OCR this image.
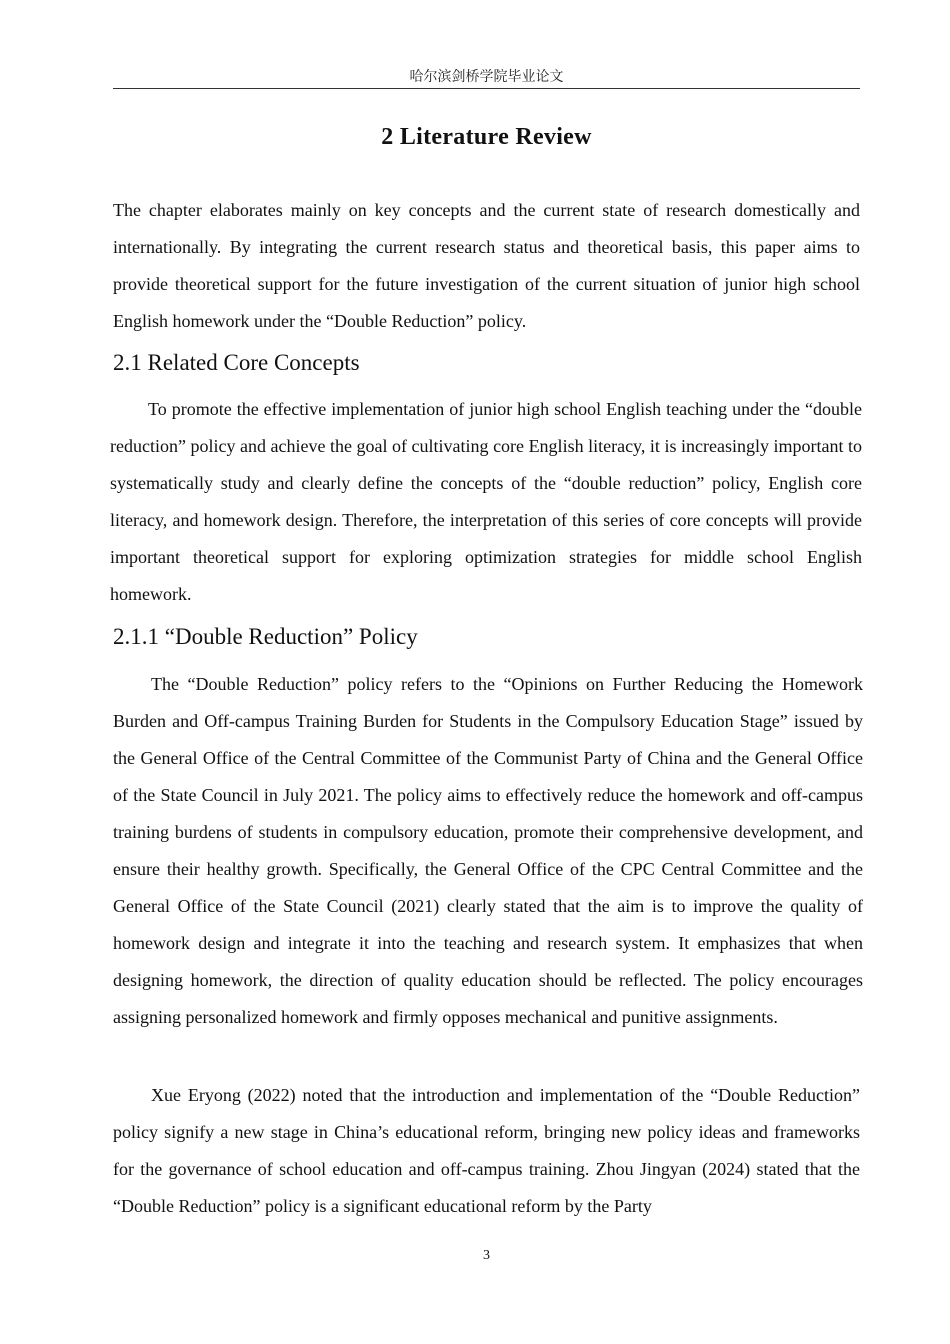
哈尔滨剑桥学院毕业论文
2 Literature Review

The chapter elaborates mainly on key concepts and the current state of research domestically and internationally. By integrating the current research status and theoretical basis, this paper aims to provide theoretical support for the future investigation of the current situation of junior high school English homework under the “Double Reduction” policy.

2.1 Related Core Concepts

To promote the effective implementation of junior high school English teaching under the “double reduction” policy and achieve the goal of cultivating core English literacy, it is increasingly important to systematically study and clearly define the concepts of the “double reduction” policy, English core literacy, and homework design. Therefore, the interpretation of this series of core concepts will provide important theoretical support for exploring optimization strategies for middle school English homework.

2.1.1 “Double Reduction” Policy

The “Double Reduction” policy refers to the “Opinions on Further Reducing the Homework Burden and Off-campus Training Burden for Students in the Compulsory Education Stage” issued by the General Office of the Central Committee of the Communist Party of China and the General Office of the State Council in July 2021. The policy aims to effectively reduce the homework and off-campus training burdens of students in compulsory education, promote their comprehensive development, and ensure their healthy growth. Specifically, the General Office of the CPC Central Committee and the General Office of the State Council (2021) clearly stated that the aim is to improve the quality of homework design and integrate it into the teaching and research system. It emphasizes that when designing homework, the direction of quality education should be reflected. The policy encourages assigning personalized homework and firmly opposes mechanical and punitive assignments.

Xue Eryong (2022) noted that the introduction and implementation of the “Double Reduction” policy signify a new stage in China’s educational reform, bringing new policy ideas and frameworks for the governance of school education and off-campus training. Zhou Jingyan (2024) stated that the “Double Reduction” policy is a significant educational reform by the Party

3
